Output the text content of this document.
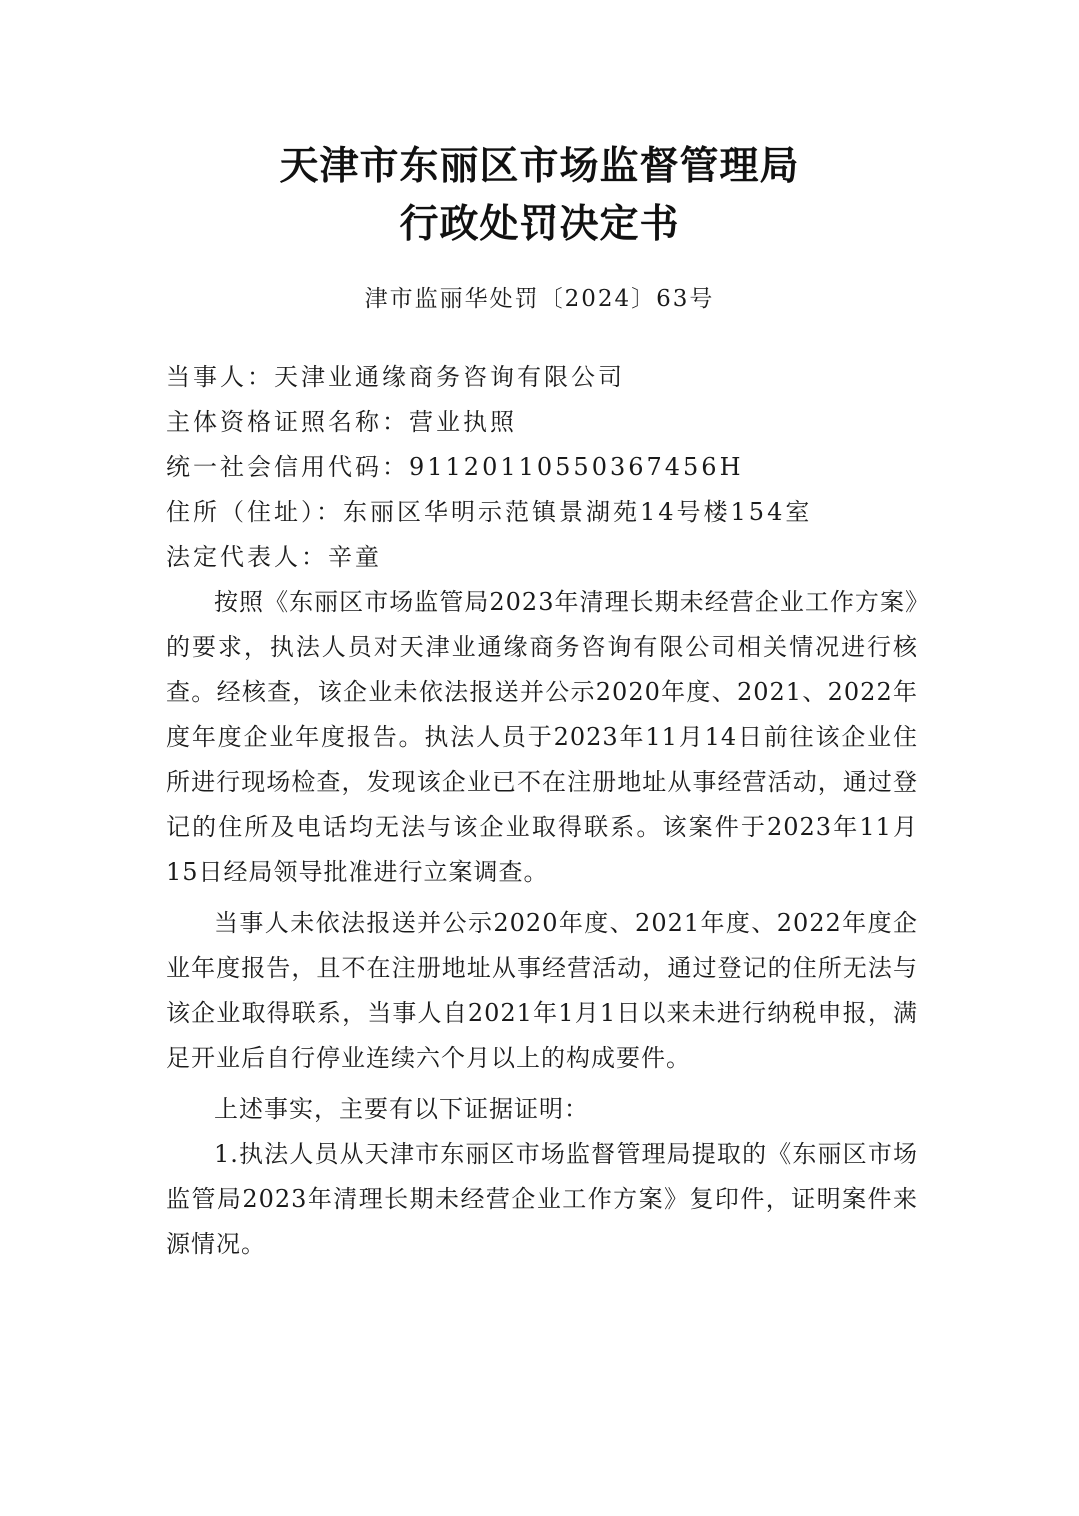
天津市东丽区市场监督管理局
行政处罚决定书
津市监丽华处罚〔2024〕63号
当事人：天津业通缘商务咨询有限公司
主体资格证照名称：营业执照
统一社会信用代码：91120110550367456H
住所（住址）：东丽区华明示范镇景湖苑14号楼154室
法定代表人：辛童

按照《东丽区市场监管局2023年清理长期未经营企业工作方案》的要求，执法人员对天津业通缘商务咨询有限公司相关情况进行核查。经核查，该企业未依法报送并公示2020年度、2021、2022年度年度企业年度报告。执法人员于2023年11月14日前往该企业住所进行现场检查，发现该企业已不在注册地址从事经营活动，通过登记的住所及电话均无法与该企业取得联系。该案件于2023年11月15日经局领导批准进行立案调查。

当事人未依法报送并公示2020年度、2021年度、2022年度企业年度报告，且不在注册地址从事经营活动，通过登记的住所无法与该企业取得联系，当事人自2021年1月1日以来未进行纳税申报，满足开业后自行停业连续六个月以上的构成要件。

上述事实，主要有以下证据证明：

1.执法人员从天津市东丽区市场监督管理局提取的《东丽区市场监管局2023年清理长期未经营企业工作方案》复印件，证明案件来源情况。
